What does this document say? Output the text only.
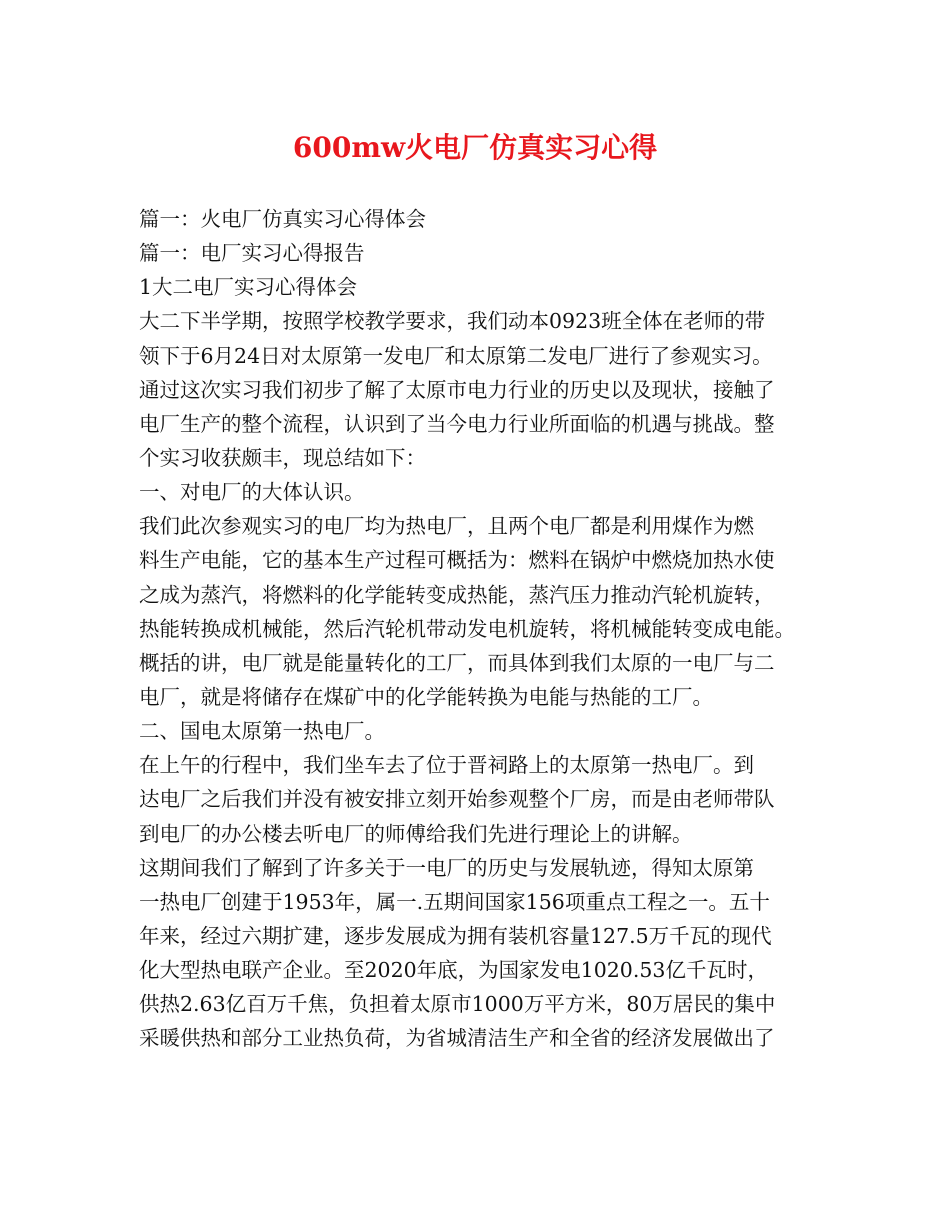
600mw火电厂仿真实习心得
篇一：火电厂仿真实习心得体会
篇一：电厂实习心得报告
1大二电厂实习心得体会
大二下半学期，按照学校教学要求，我们动本0923班全体在老师的带
领下于6月24日对太原第一发电厂和太原第二发电厂进行了参观实习。
通过这次实习我们初步了解了太原市电力行业的历史以及现状，接触了
电厂生产的整个流程，认识到了当今电力行业所面临的机遇与挑战。整
个实习收获颇丰，现总结如下：
一、对电厂的大体认识。
我们此次参观实习的电厂均为热电厂，且两个电厂都是利用煤作为燃
料生产电能，它的基本生产过程可概括为：燃料在锅炉中燃烧加热水使
之成为蒸汽，将燃料的化学能转变成热能，蒸汽压力推动汽轮机旋转，
热能转换成机械能，然后汽轮机带动发电机旋转，将机械能转变成电能。
概括的讲，电厂就是能量转化的工厂，而具体到我们太原的一电厂与二
电厂，就是将储存在煤矿中的化学能转换为电能与热能的工厂。
二、国电太原第一热电厂。
在上午的行程中，我们坐车去了位于晋祠路上的太原第一热电厂。到
达电厂之后我们并没有被安排立刻开始参观整个厂房，而是由老师带队
到电厂的办公楼去听电厂的师傅给我们先进行理论上的讲解。
这期间我们了解到了许多关于一电厂的历史与发展轨迹，得知太原第
一热电厂创建于1953年，属一.五期间国家156项重点工程之一。五十
年来，经过六期扩建，逐步发展成为拥有装机容量127.5万千瓦的现代
化大型热电联产企业。至2020年底，为国家发电1020.53亿千瓦时，
供热2.63亿百万千焦，负担着太原市1000万平方米，80万居民的集中
采暖供热和部分工业热负荷，为省城清洁生产和全省的经济发展做出了
